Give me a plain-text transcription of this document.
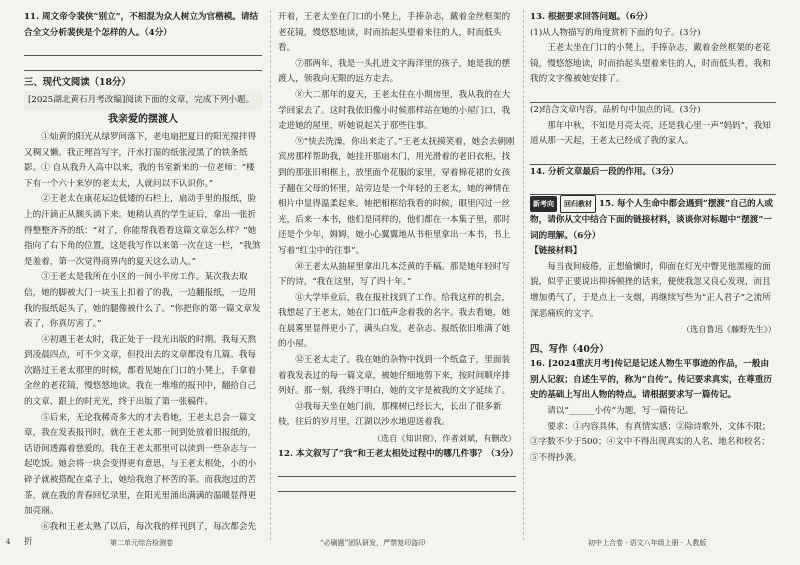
11. 周文帝令裴侠“别立”，不相混为众人树立为官楷模。请结合全文分析裴侠是个怎样的人。（4分）

三、现代文阅读（18分）

[2025湖北黄石月考改编]阅读下面的文章，完成下列小题。

我亲爱的摆渡人

①灿黄的阳光从绿罗间落下，老电扇把夏日的阳光搅拌得又稠又懒。我正埋首写字，汗水打湿的纸张浸黑了的铁条纸影。① 自从我升入高中以来，我的书室新来的一位老师：“楼下有一个六十来岁的老太太，人就问以不认识你。”

②王老太在康花坛边低矮的石栏上，扇动手里的报纸，脸上的汗滴正从额头淌下来。她稍认真的学生证后，拿出一张折得整整齐齐的纸：“对了，你能帮我看看这篇文章怎么样？”她指向了右下角的位置，这是我写作以来第一次在这一栏，“我煞是羞着，第一次觉得商界内的夏天这么动人。”

③王老太是我所在小区的一间小平房工作。某次我去取信，她的脚被大门一块玉上扣着了的我，一边翻报纸，一边用我的报纸起头了，她的腿像被什么了。“你把你的第一篇文章发表了，你真厉害了。”

④初遇王老太时，我正处于一段光出版的时期。我每天熬到凌晨四点，可不少文章，但投出去的文章都没有几篇。我每次路过王老太那里的时候，都看见她在门口的小凳上，手拿着全丝的老花镜，慢悠悠地读。我在一堆堆的报刊中，翻拾自己的文章、跟上的时光光，终于出版了第一张稿件。

⑤后来，无论我稀奇多大的才去看她，王老太总会一篇文章，我在发表报刊时，就在王老太那一间到处放着旧报纸的，话语间透露着慈爱的。我在王老太那里可以读到一些杂志与一起吃饭。她会将一块会变得更有意思，与王老太相处，小的小碎子就被搭配在桌子上，她给我泡了杯苦的茶。而我泡过的苦茶，就在我的青春回忆录里，在阳光里涌出满满的温暖显得更加亮丽。

⑥我和王老太熟了以后，每次我的样刊到了，每次都会先折

开着，王老太坐在门口的小凳上，手捧杂志，戴着金丝框架的老花镜，慢悠悠地读，时而抬起头望着来往的人，时而低头看。

⑦那两年，我是一头扎进文字海洋里的孩子，她是我的摆渡人，领我向无限的远方走去。

⑧大二那年的夏天，王老太住在小期房里，我从我的在大学回家去了。这时我依旧像小时候那样站在她的小屋门口，我走进她的屋里，听她说起关于那些往事。

⑨“快去洗澡，你出来走了。”王老太抚摸笑着，她会去朝刚宾房那样帮助我，她挂开那扇木门，用光滑着的老旧衣柜，找到的那张旧相框上，放里面个花服的家里，穿着棉花裙的女孩子翻在父母的怀里，站旁边是一个年轻的王老太，她的神情在相片中显得温柔起来。她把相框给我看的时候，眼里闪过一丝光，后来一本书，他们是同样的，他们都在一本集子里，那时还是个少年，姆姆，她小心翼翼地从书柜里拿出一本书，书上写着“红尘中的往事”。

⑩王老太从抽屉里拿出几本泛黄的手稿。那是她年轻时写下的诗，“我在这里，写了四十年。”

⑪大学毕业后，我在报社找到了工作。给我这样的机会，我想起了王老太，她在门口低声念着我的名字。我去看她，她在晨雾里显得更小了，满头白发。老杂志、报纸依旧堆满了她的小屋。

⑫王老太走了，我在她的杂物中找到一个纸盒子，里面装着我发表过的每一篇文章，被她仔细地剪下来，按时间顺序排列好。那一刻，我终于明白，她的文字是被我的文字延续了。

⑬我每天坐在她门前，那棵树已经长大，长出了很多新枝，往后的岁月里，江湖以沙水地迎送着我。

（选自《知识窗》，作者刘斌，有删改）

12. 本文叙写了“我”和王老太相处过程中的哪几件事？（3分）

13. 根据要求回答问题。（6分）

(1)从人物描写的角度赏析下面的句子。(3分)

王老太坐在门口的小凳上，手捧杂志，戴着金丝框架的老花镜，慢悠悠地读，时而抬起头望着来往的人，时而低头看，我和我的文字像被她安排了。

(2)结合文章内容，品析句中加点的词。(3分)

那年中秋，不知是月亮太亮，还是我心里一声“妈妈”，我知道从那一天起，王老太已经成了我的家人。

14. 分析文章最后一段的作用。（3分）

新考向 回归教材 15. 每个人生命中都会遇到“摆渡”自己的人或物，请你从文中结合下面的链接材料，谈谈你对标题中“摆渡”一词的理解。（6分）

【链接材料】

每当夜间疲倦，正想偷懒时，仰面在灯光中瞥见他黑瘦的面貌，似乎正要说出抑扬顿挫的话来，便使我忽又良心发现，而且增加勇气了，于是点上一支烟，再继续写些为“正人君子”之流所深恶痛疾的文字。

（选自鲁迅《藤野先生》）

四、写作（40分）

16. [2024重庆月考]传记是记述人物生平事迹的作品，一般由别人记叙；自述生平的，称为“自传”。传记要求真实，在尊重历史的基础上写出人物的特点。请根据要求写一篇传记。

请以“______小传”为题，写一篇传记。

要求：①内容具体，有真情实感；②除诗歌外，文体不限；③字数不少于500；④文中不得出现真实的人名、地名和校名；⑤不得抄袭。

4	第二单元综合检测卷	“必刷题”团队研发，严禁复印盗印	初中上合卷 · 语文八年级上册 · 人教版
